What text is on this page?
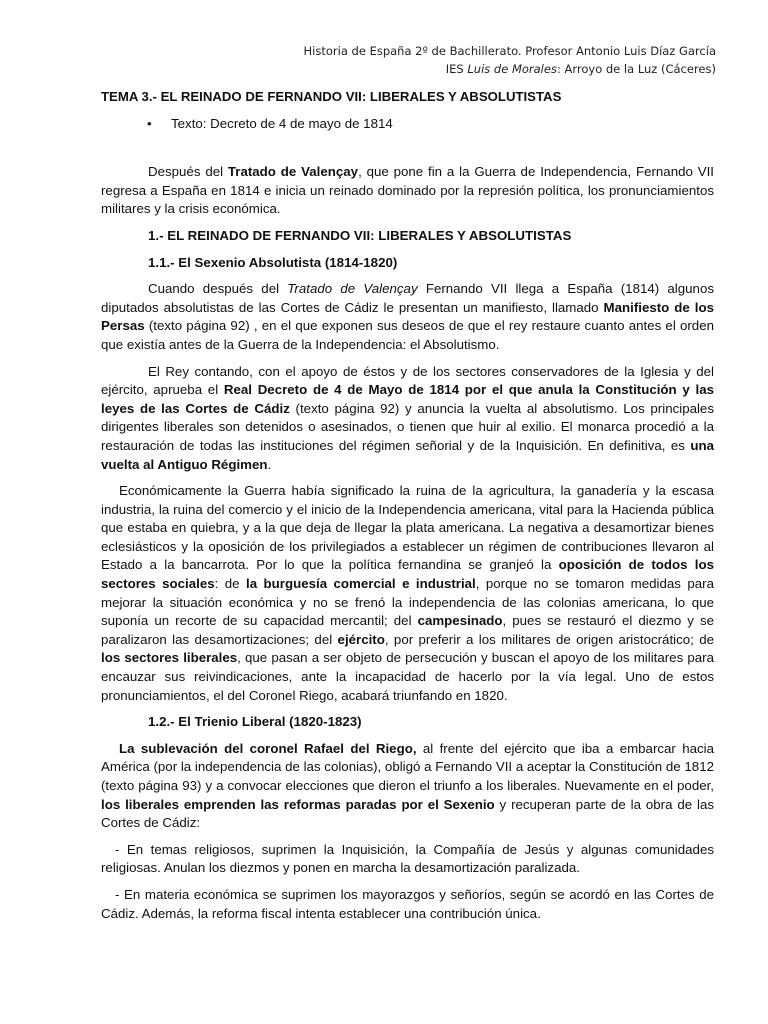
Historia de España 2º de Bachillerato. Profesor Antonio Luis Díaz García
IES Luis de Morales: Arroyo de la Luz (Cáceres)
TEMA 3.- EL REINADO DE FERNANDO VII: LIBERALES Y ABSOLUTISTAS
• Texto: Decreto de 4 de mayo de 1814

Después del Tratado de Valençay, que pone fin a la Guerra de Independencia, Fernando VII regresa a España en 1814 e inicia un reinado dominado por la represión política, los pronunciamientos militares y la crisis económica.

1.- EL REINADO DE FERNANDO VII: LIBERALES Y ABSOLUTISTAS
1.1.- El Sexenio Absolutista (1814-1820)

Cuando después del Tratado de Valençay Fernando VII llega a España (1814) algunos diputados absolutistas de las Cortes de Cádiz le presentan un manifiesto, llamado Manifiesto de los Persas (texto página 92) , en el que exponen sus deseos de que el rey restaure cuanto antes el orden que existía antes de la Guerra de la Independencia: el Absolutismo.

El Rey contando, con el apoyo de éstos y de los sectores conservadores de la Iglesia y del ejército, aprueba el Real Decreto de 4 de Mayo de 1814 por el que anula la Constitución y las leyes de las Cortes de Cádiz (texto página 92) y anuncia la vuelta al absolutismo. Los principales dirigentes liberales son detenidos o asesinados, o tienen que huir al exilio. El monarca procedió a la restauración de todas las instituciones del régimen señorial y de la Inquisición. En definitiva, es una vuelta al Antiguo Régimen.

Económicamente la Guerra había significado la ruina de la agricultura, la ganadería y la escasa industria, la ruina del comercio y el inicio de la Independencia americana, vital para la Hacienda pública que estaba en quiebra, y a la que deja de llegar la plata americana. La negativa a desamortizar bienes eclesiásticos y la oposición de los privilegiados a establecer un régimen de contribuciones llevaron al Estado a la bancarrota. Por lo que la política fernandina se granjeó la oposición de todos los sectores sociales: de la burguesía comercial e industrial, porque no se tomaron medidas para mejorar la situación económica y no se frenó la independencia de las colonias americana, lo que suponía un recorte de su capacidad mercantil; del campesinado, pues se restauró el diezmo y se paralizaron las desamortizaciones; del ejército, por preferir a los militares de origen aristocrático; de los sectores liberales, que pasan a ser objeto de persecución y buscan el apoyo de los militares para encauzar sus reivindicaciones, ante la incapacidad de hacerlo por la vía legal. Uno de estos pronunciamientos, el del Coronel Riego, acabará triunfando en 1820.

1.2.- El Trienio Liberal (1820-1823)

La sublevación del coronel Rafael del Riego, al frente del ejército que iba a embarcar hacia América (por la independencia de las colonias), obligó a Fernando VII a aceptar la Constitución de 1812 (texto página 93) y a convocar elecciones que dieron el triunfo a los liberales. Nuevamente en el poder, los liberales emprenden las reformas paradas por el Sexenio y recuperan parte de la obra de las Cortes de Cádiz:

- En temas religiosos, suprimen la Inquisición, la Compañía de Jesús y algunas comunidades religiosas. Anulan los diezmos y ponen en marcha la desamortización paralizada.

- En materia económica se suprimen los mayorazgos y señoríos, según se acordó en las Cortes de Cádiz. Además, la reforma fiscal intenta establecer una contribución única.
